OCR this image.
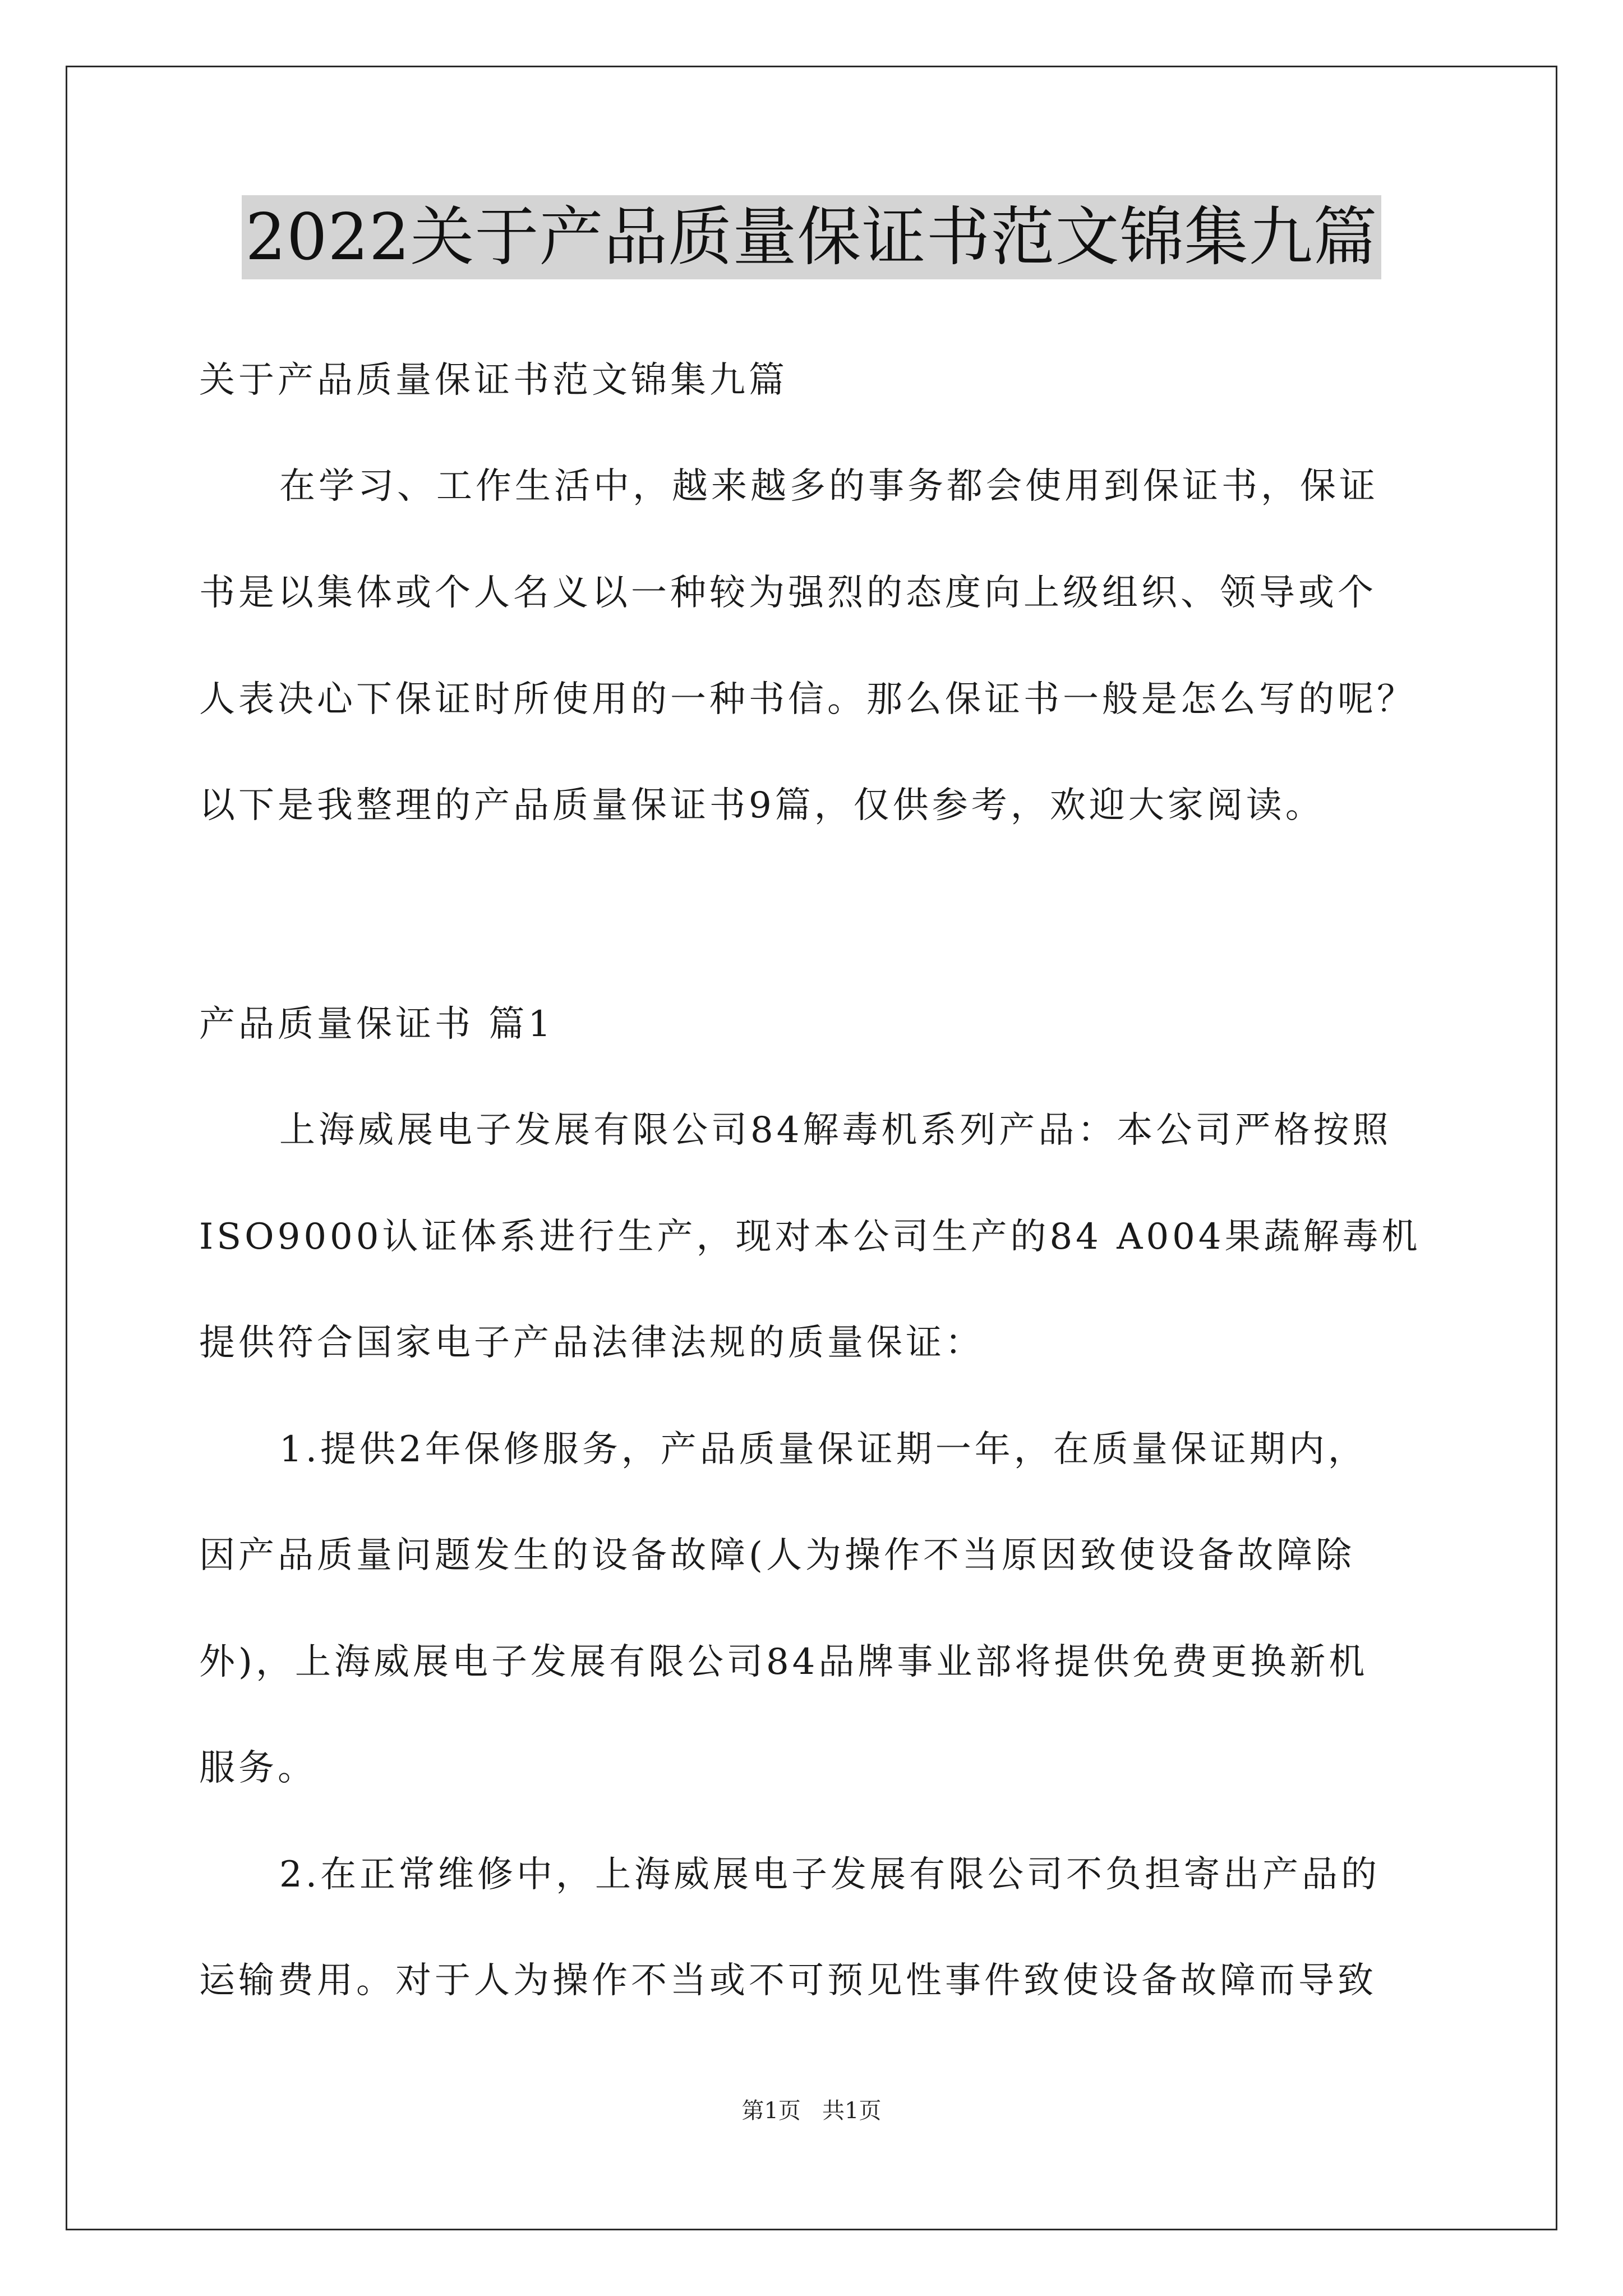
2022关于产品质量保证书范文锦集九篇
关于产品质量保证书范文锦集九篇
在学习、工作生活中，越来越多的事务都会使用到保证书，保证
书是以集体或个人名义以一种较为强烈的态度向上级组织、领导或个
人表决心下保证时所使用的一种书信。那么保证书一般是怎么写的呢？
以下是我整理的产品质量保证书9篇，仅供参考，欢迎大家阅读。
产品质量保证书 篇1
上海威展电子发展有限公司84解毒机系列产品：本公司严格按照
ISO9000认证体系进行生产，现对本公司生产的84 A004果蔬解毒机
提供符合国家电子产品法律法规的质量保证：
1.提供2年保修服务，产品质量保证期一年，在质量保证期内，
因产品质量问题发生的设备故障(人为操作不当原因致使设备故障除
外)，上海威展电子发展有限公司84品牌事业部将提供免费更换新机
服务。
2.在正常维修中，上海威展电子发展有限公司不负担寄出产品的
运输费用。对于人为操作不当或不可预见性事件致使设备故障而导致
第1页   共1页
